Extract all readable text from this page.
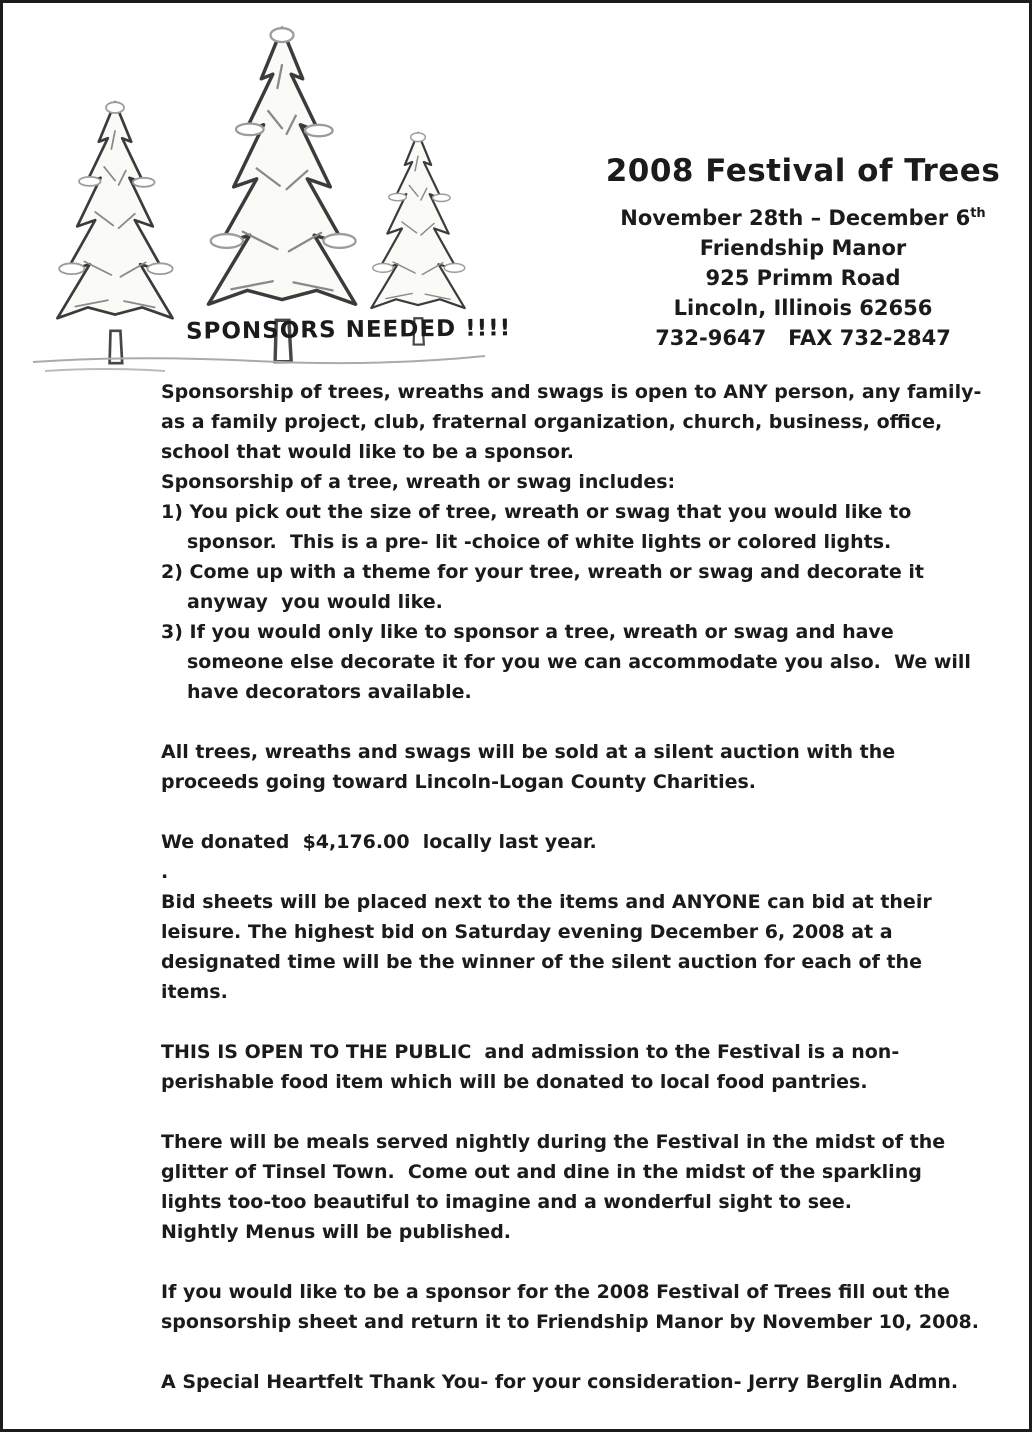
SPONSORS NEEDED !!!!
2008 Festival of Trees
November 28th – December 6th
Friendship Manor
925 Primm Road
Lincoln, Illinois 62656
732-9647   FAX 732-2847

Sponsorship of trees, wreaths and swags is open to ANY person, any family- as a family project, club, fraternal organization, church, business, office, school that would like to be a sponsor.

Sponsorship of a tree, wreath or swag includes:

1) You pick out the size of tree, wreath or swag that you would like to sponsor.  This is a pre- lit -choice of white lights or colored lights.

2) Come up with a theme for your tree, wreath or swag and decorate it anyway  you would like.

3) If you would only like to sponsor a tree, wreath or swag and have someone else decorate it for you we can accommodate you also.  We will have decorators available.

All trees, wreaths and swags will be sold at a silent auction with the proceeds going toward Lincoln-Logan County Charities.

We donated  $4,176.00  locally last year.

.

Bid sheets will be placed next to the items and ANYONE can bid at their leisure. The highest bid on Saturday evening December 6, 2008 at a designated time will be the winner of the silent auction for each of the items.

THIS IS OPEN TO THE PUBLIC  and admission to the Festival is a non-perishable food item which will be donated to local food pantries.

There will be meals served nightly during the Festival in the midst of the glitter of Tinsel Town.  Come out and dine in the midst of the sparkling lights too-too beautiful to imagine and a wonderful sight to see.

Nightly Menus will be published.

If you would like to be a sponsor for the 2008 Festival of Trees fill out the sponsorship sheet and return it to Friendship Manor by November 10, 2008.

A Special Heartfelt Thank You- for your consideration- Jerry Berglin Admn.
